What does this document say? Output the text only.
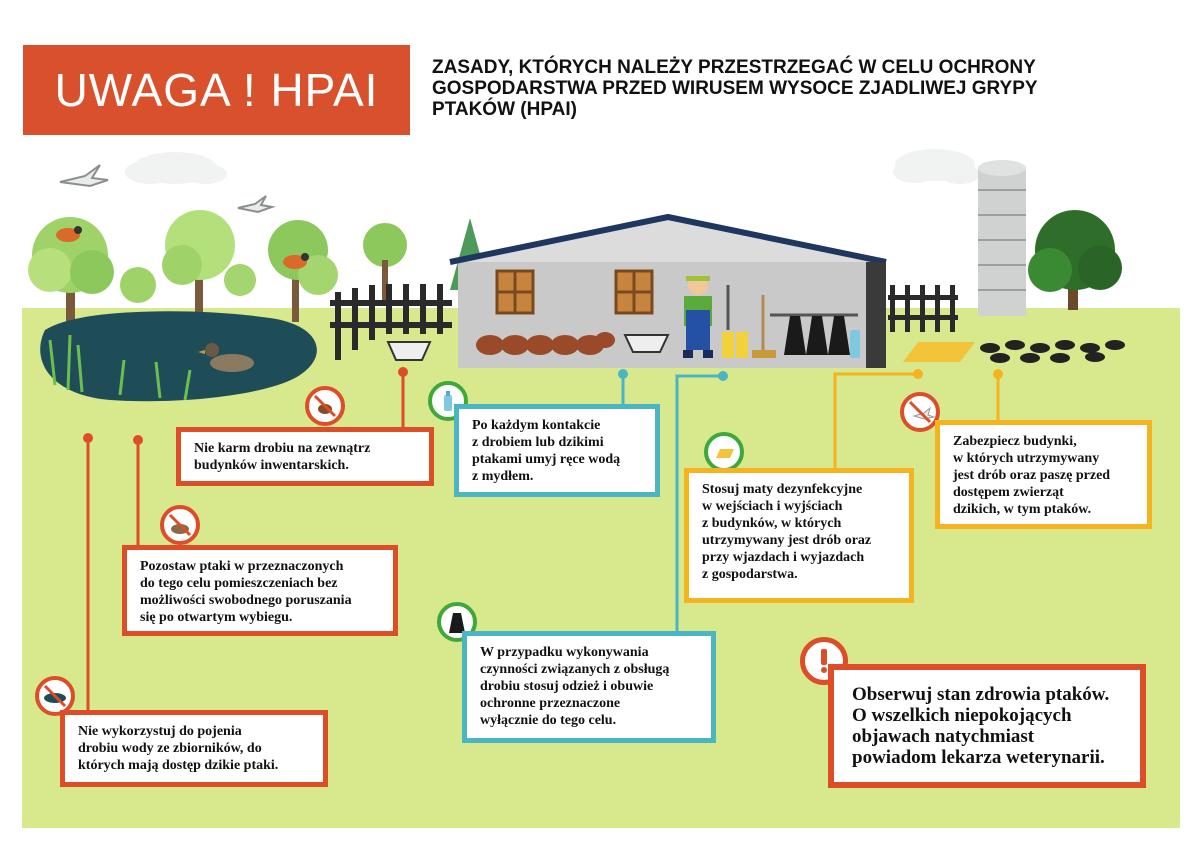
UWAGA ! HPAI	ZASADY, KTÓRYCH NALEŻY PRZESTRZEGAĆ W CELU OCHRONY
GOSPODARSTWA PRZED WIRUSEM WYSOCE ZJADLIWEJ GRYPY
PTAKÓW (HPAI)
Nie karm drobiu na zewnątrz
budynków inwentarskich.
Po każdym kontakcie
z drobiem lub dzikimi
ptakami umyj ręce wodą
z mydłem.
Zabezpiecz budynki,
w których utrzymywany
jest drób oraz paszę przed
dostępem zwierząt
dzikich, w tym ptaków.
Pozostaw ptaki w przeznaczonych
do tego celu pomieszczeniach bez
możliwości swobodnego poruszania
się po otwartym wybiegu.
Stosuj maty dezynfekcyjne
w wejściach i wyjściach
z budynków, w których
utrzymywany jest drób oraz
przy wjazdach i wyjazdach
z gospodarstwa.
W przypadku wykonywania
czynności związanych z obsługą
drobiu stosuj odzież i obuwie
ochronne przeznaczone
wyłącznie do tego celu.
Nie wykorzystuj do pojenia
drobiu wody ze zbiorników, do
których mają dostęp dzikie ptaki.
Obserwuj stan zdrowia ptaków.
O wszelkich niepokojących
objawach natychmiast
powiadom lekarza weterynarii.
